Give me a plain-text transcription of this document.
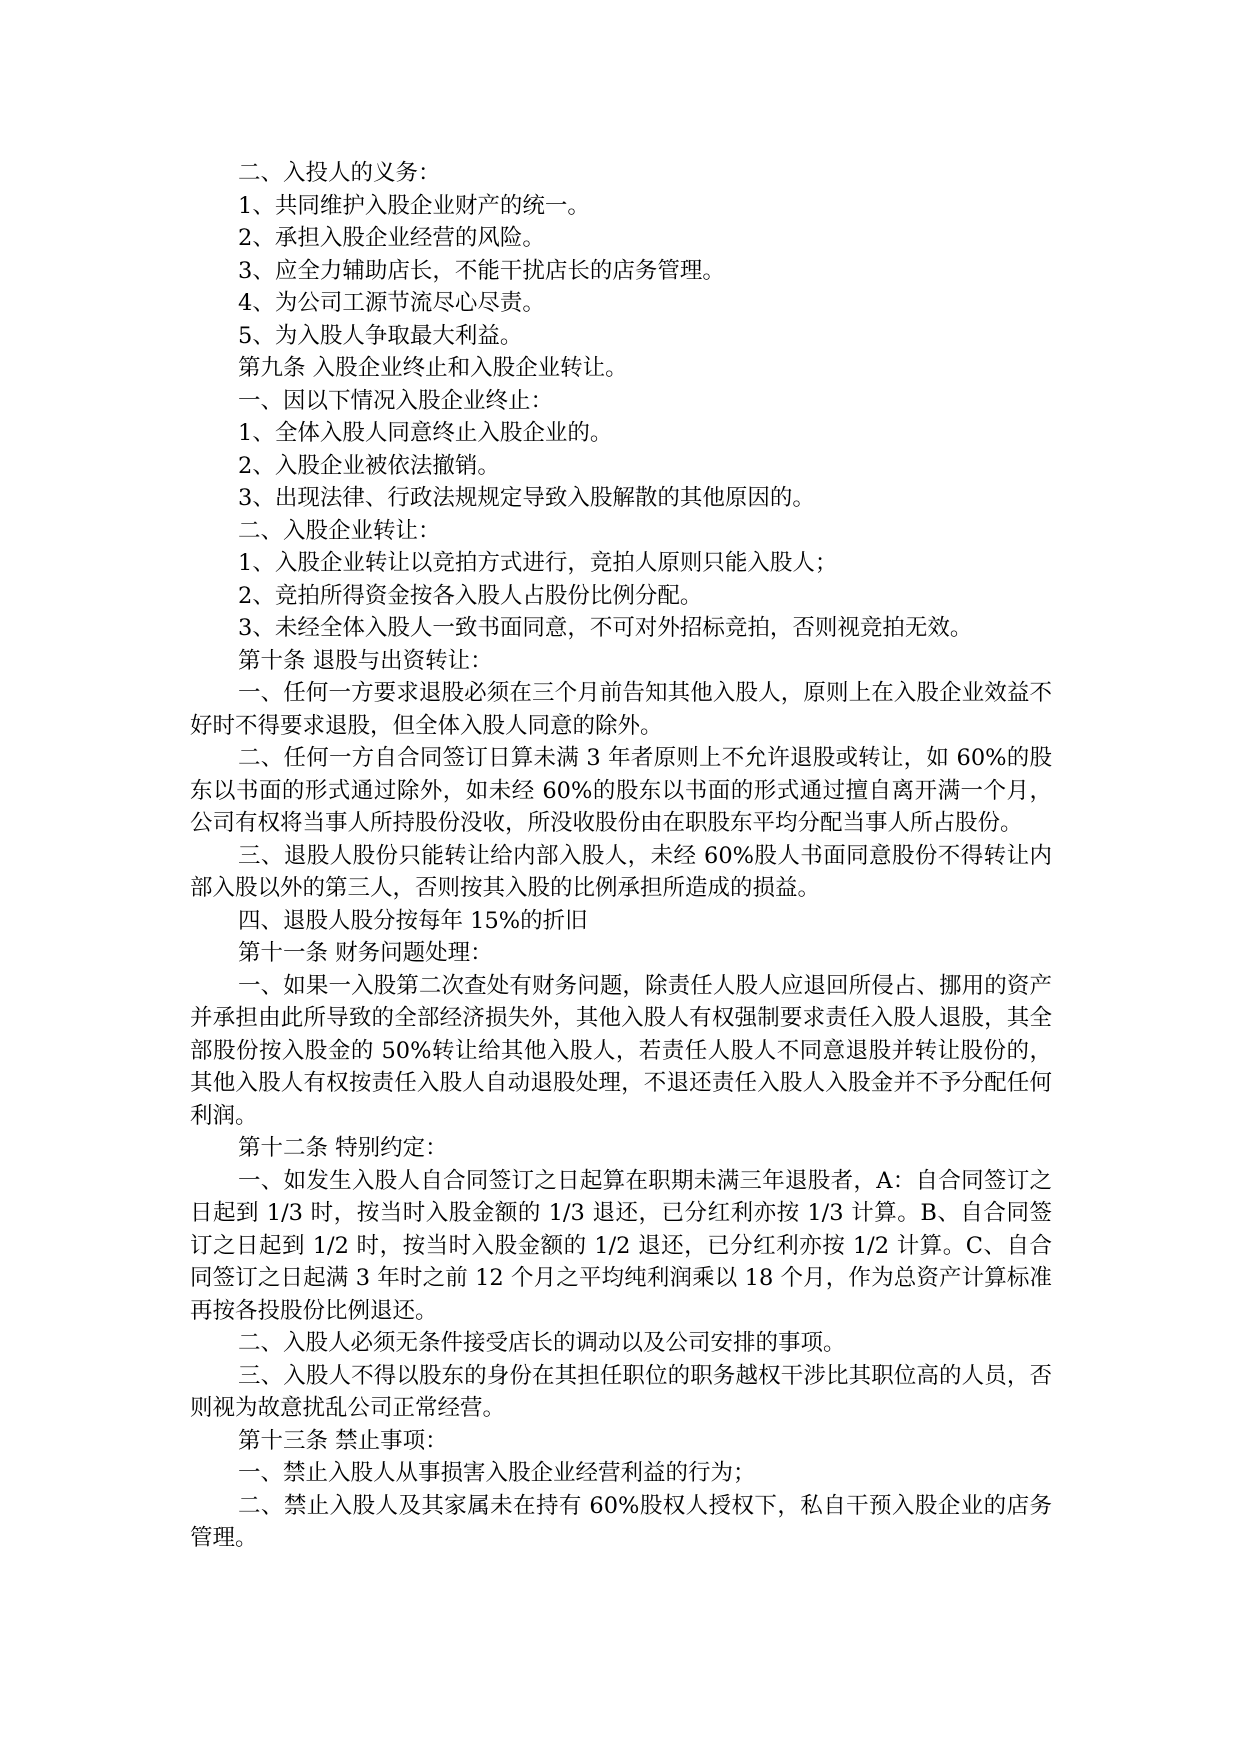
二、入投人的义务：

1、共同维护入股企业财产的统一。

2、承担入股企业经营的风险。

3、应全力辅助店长，不能干扰店长的店务管理。

4、为公司工源节流尽心尽责。

5、为入股人争取最大利益。

第九条 入股企业终止和入股企业转让。

一、因以下情况入股企业终止：

1、全体入股人同意终止入股企业的。

2、入股企业被依法撤销。

3、出现法律、行政法规规定导致入股解散的其他原因的。

二、入股企业转让：

1、入股企业转让以竞拍方式进行，竞拍人原则只能入股人；

2、竞拍所得资金按各入股人占股份比例分配。

3、未经全体入股人一致书面同意，不可对外招标竞拍，否则视竞拍无效。

第十条 退股与出资转让：

一、任何一方要求退股必须在三个月前告知其他入股人，原则上在入股企业效益不好时不得要求退股，但全体入股人同意的除外。

二、任何一方自合同签订日算未满 3 年者原则上不允许退股或转让，如 60%的股东以书面的形式通过除外，如未经 60%的股东以书面的形式通过擅自离开满一个月，公司有权将当事人所持股份没收，所没收股份由在职股东平均分配当事人所占股份。

三、退股人股份只能转让给内部入股人，未经 60%股人书面同意股份不得转让内部入股以外的第三人，否则按其入股的比例承担所造成的损益。

四、退股人股分按每年 15%的折旧

第十一条 财务问题处理：

一、如果一入股第二次查处有财务问题，除责任人股人应退回所侵占、挪用的资产并承担由此所导致的全部经济损失外，其他入股人有权强制要求责任入股人退股，其全部股份按入股金的 50%转让给其他入股人，若责任人股人不同意退股并转让股份的，其他入股人有权按责任入股人自动退股处理，不退还责任入股人入股金并不予分配任何利润。

第十二条 特别约定：

一、如发生入股人自合同签订之日起算在职期未满三年退股者，A：自合同签订之日起到 1/3 时，按当时入股金额的 1/3 退还，已分红利亦按 1/3 计算。B、自合同签订之日起到 1/2 时，按当时入股金额的 1/2 退还，已分红利亦按 1/2 计算。C、自合同签订之日起满 3 年时之前 12 个月之平均纯利润乘以 18 个月，作为总资产计算标准再按各投股份比例退还。

二、入股人必须无条件接受店长的调动以及公司安排的事项。

三、入股人不得以股东的身份在其担任职位的职务越权干涉比其职位高的人员，否则视为故意扰乱公司正常经营。

第十三条 禁止事项：

一、禁止入股人从事损害入股企业经营利益的行为；

二、禁止入股人及其家属未在持有 60%股权人授权下，私自干预入股企业的店务管理。
